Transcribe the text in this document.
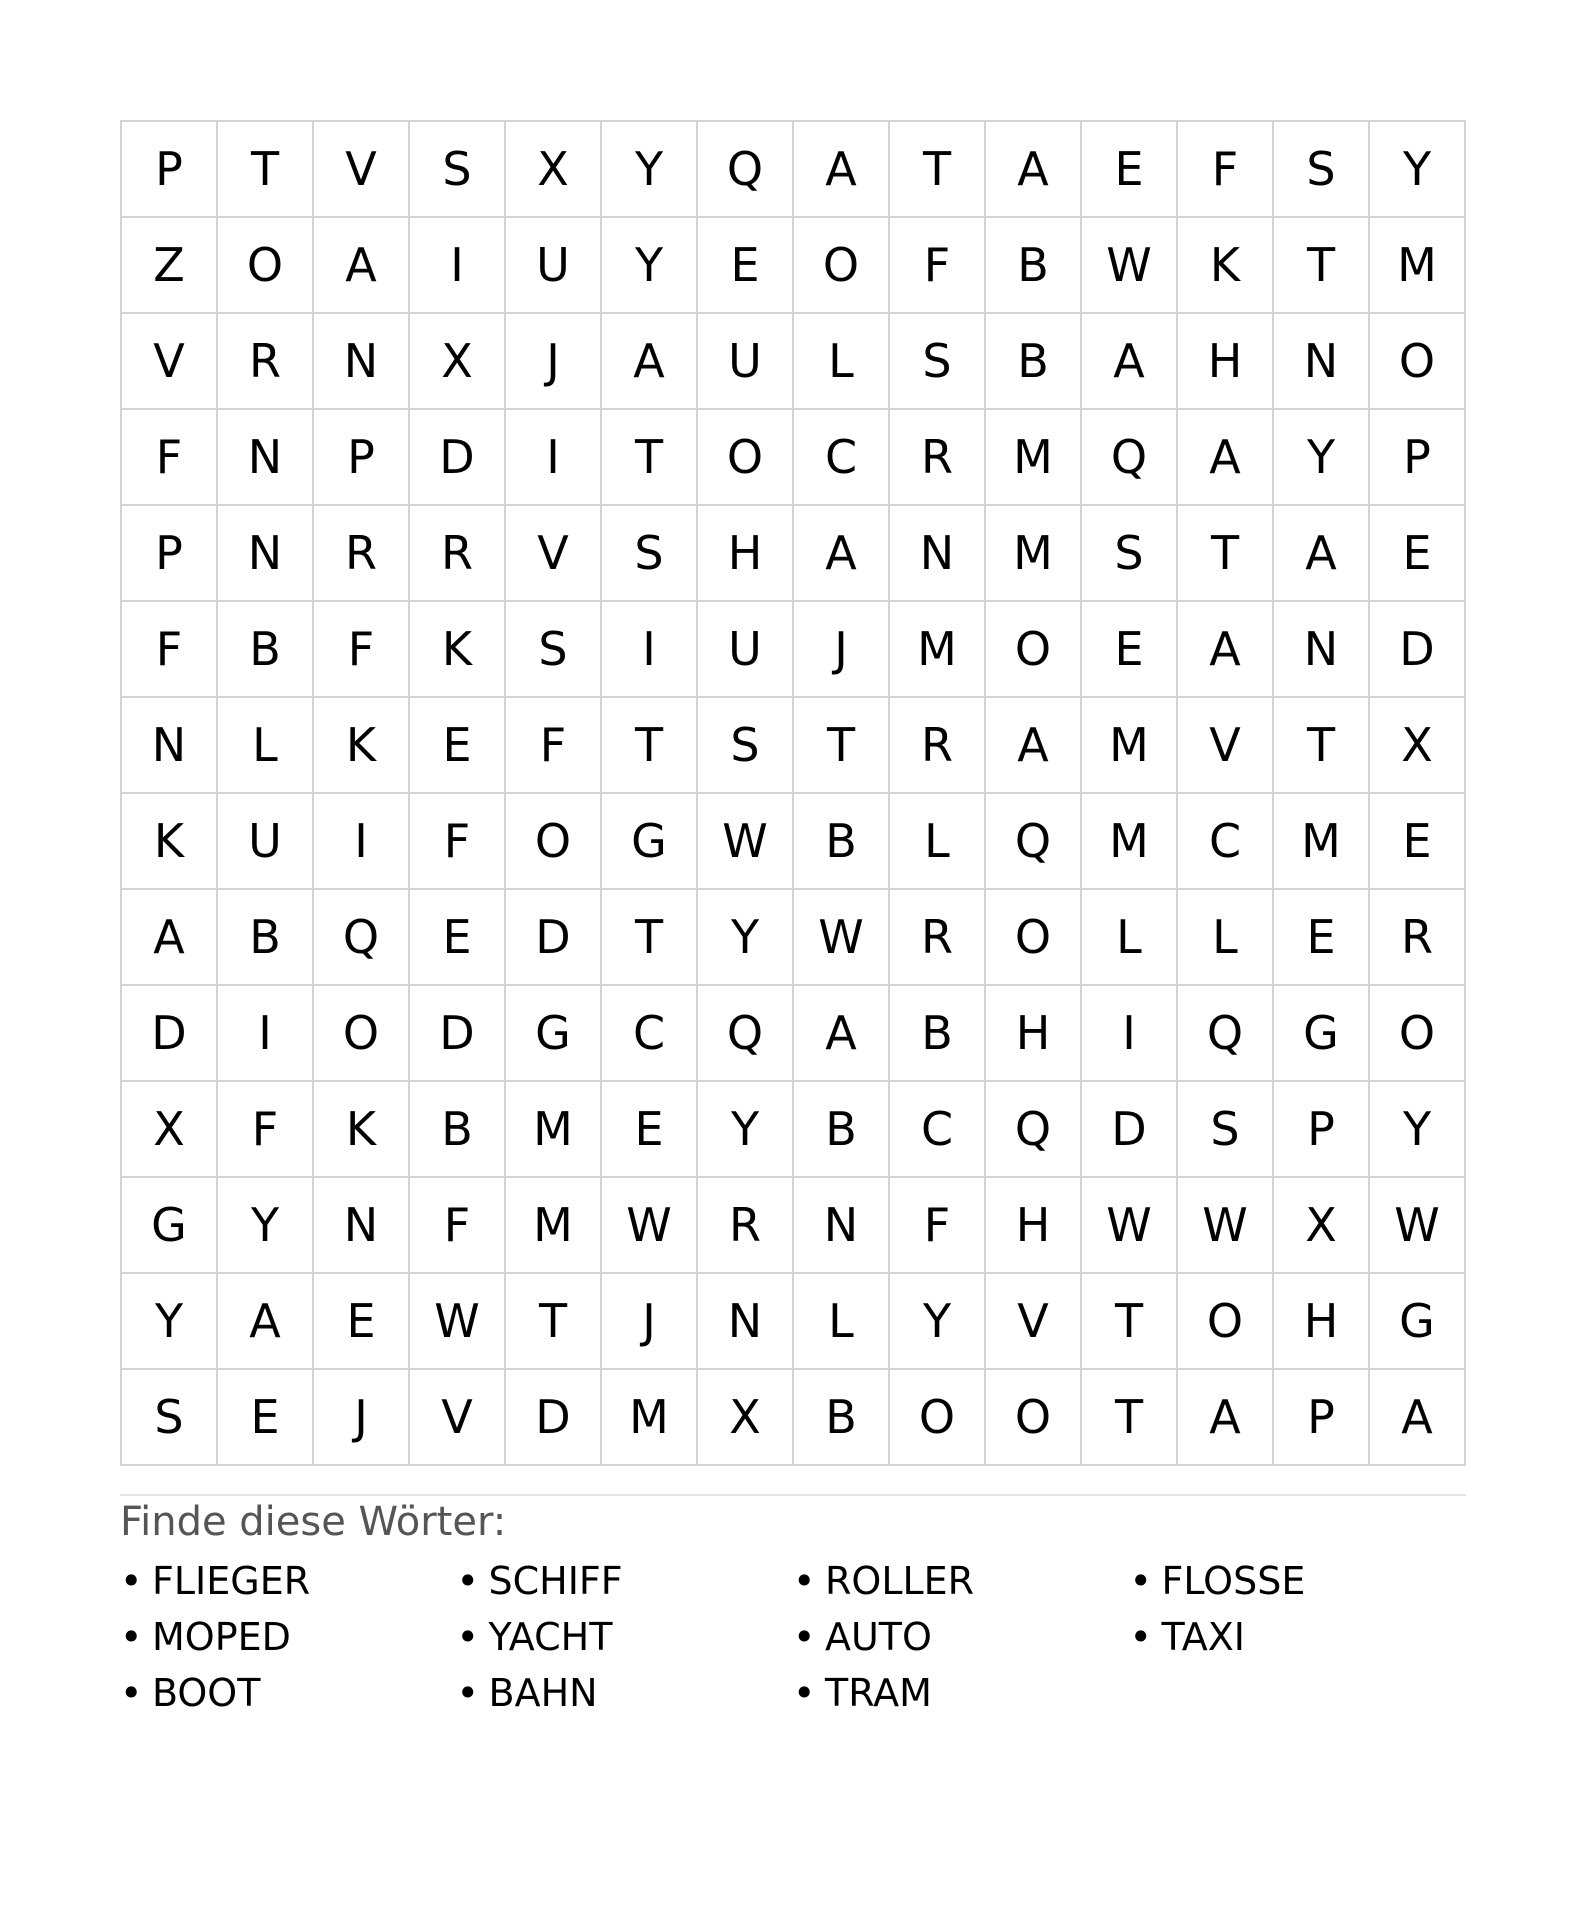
P	T	V	S	X	Y	Q	A	T	A	E	F	S	Y
Z	O	A	I	U	Y	E	O	F	B	W	K	T	M
V	R	N	X	J	A	U	L	S	B	A	H	N	O
F	N	P	D	I	T	O	C	R	M	Q	A	Y	P
P	N	R	R	V	S	H	A	N	M	S	T	A	E
F	B	F	K	S	I	U	J	M	O	E	A	N	D
N	L	K	E	F	T	S	T	R	A	M	V	T	X
K	U	I	F	O	G	W	B	L	Q	M	C	M	E
A	B	Q	E	D	T	Y	W	R	O	L	L	E	R
D	I	O	D	G	C	Q	A	B	H	I	Q	G	O
X	F	K	B	M	E	Y	B	C	Q	D	S	P	Y
G	Y	N	F	M	W	R	N	F	H	W	W	X	W
Y	A	E	W	T	J	N	L	Y	V	T	O	H	G
S	E	J	V	D	M	X	B	O	O	T	A	P	A
Finde diese Wörter:
• FLIEGER	• SCHIFF	• ROLLER	• FLOSSE
• MOPED	• YACHT	• AUTO	• TAXI
• BOOT	• BAHN	• TRAM
